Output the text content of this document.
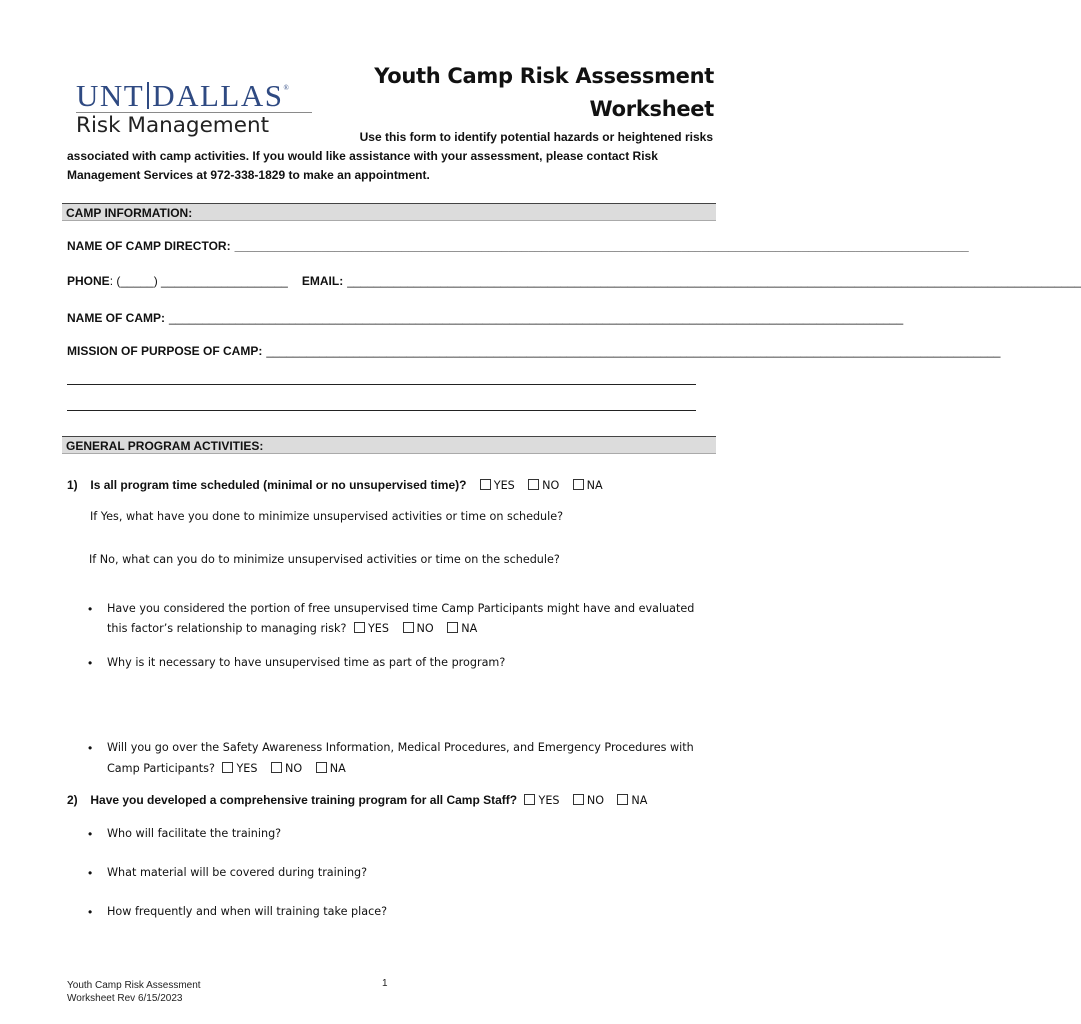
UNT DALLAS®
Risk Management
Youth Camp Risk Assessment
Worksheet
Use this form to identify potential hazards or heightened risks
associated with camp activities. If you would like assistance with your assessment, please contact Risk
Management Services at 972-338-1829 to make an appointment.
CAMP INFORMATION:
NAME OF CAMP DIRECTOR: ______________________________________________________________________________________________________________
PHONE: (_____) ___________________ EMAIL: ______________________________________________________________________________________________________________
NAME OF CAMP: ______________________________________________________________________________________________________________
MISSION OF PURPOSE OF CAMP: ______________________________________________________________________________________________________________
GENERAL PROGRAM ACTIVITIES:
1) Is all program time scheduled (minimal or no unsupervised time)? YES NO NA
If Yes, what have you done to minimize unsupervised activities or time on schedule?
If No, what can you do to minimize unsupervised activities or time on the schedule?
• Have you considered the portion of free unsupervised time Camp Participants might have and evaluated
this factor’s relationship to managing risk? YES NO NA
• Why is it necessary to have unsupervised time as part of the program?
• Will you go over the Safety Awareness Information, Medical Procedures, and Emergency Procedures with
Camp Participants? YES NO NA
2) Have you developed a comprehensive training program for all Camp Staff? YES NO NA
• Who will facilitate the training?
• What material will be covered during training?
• How frequently and when will training take place?
Youth Camp Risk Assessment
Worksheet Rev 6/15/2023
1
